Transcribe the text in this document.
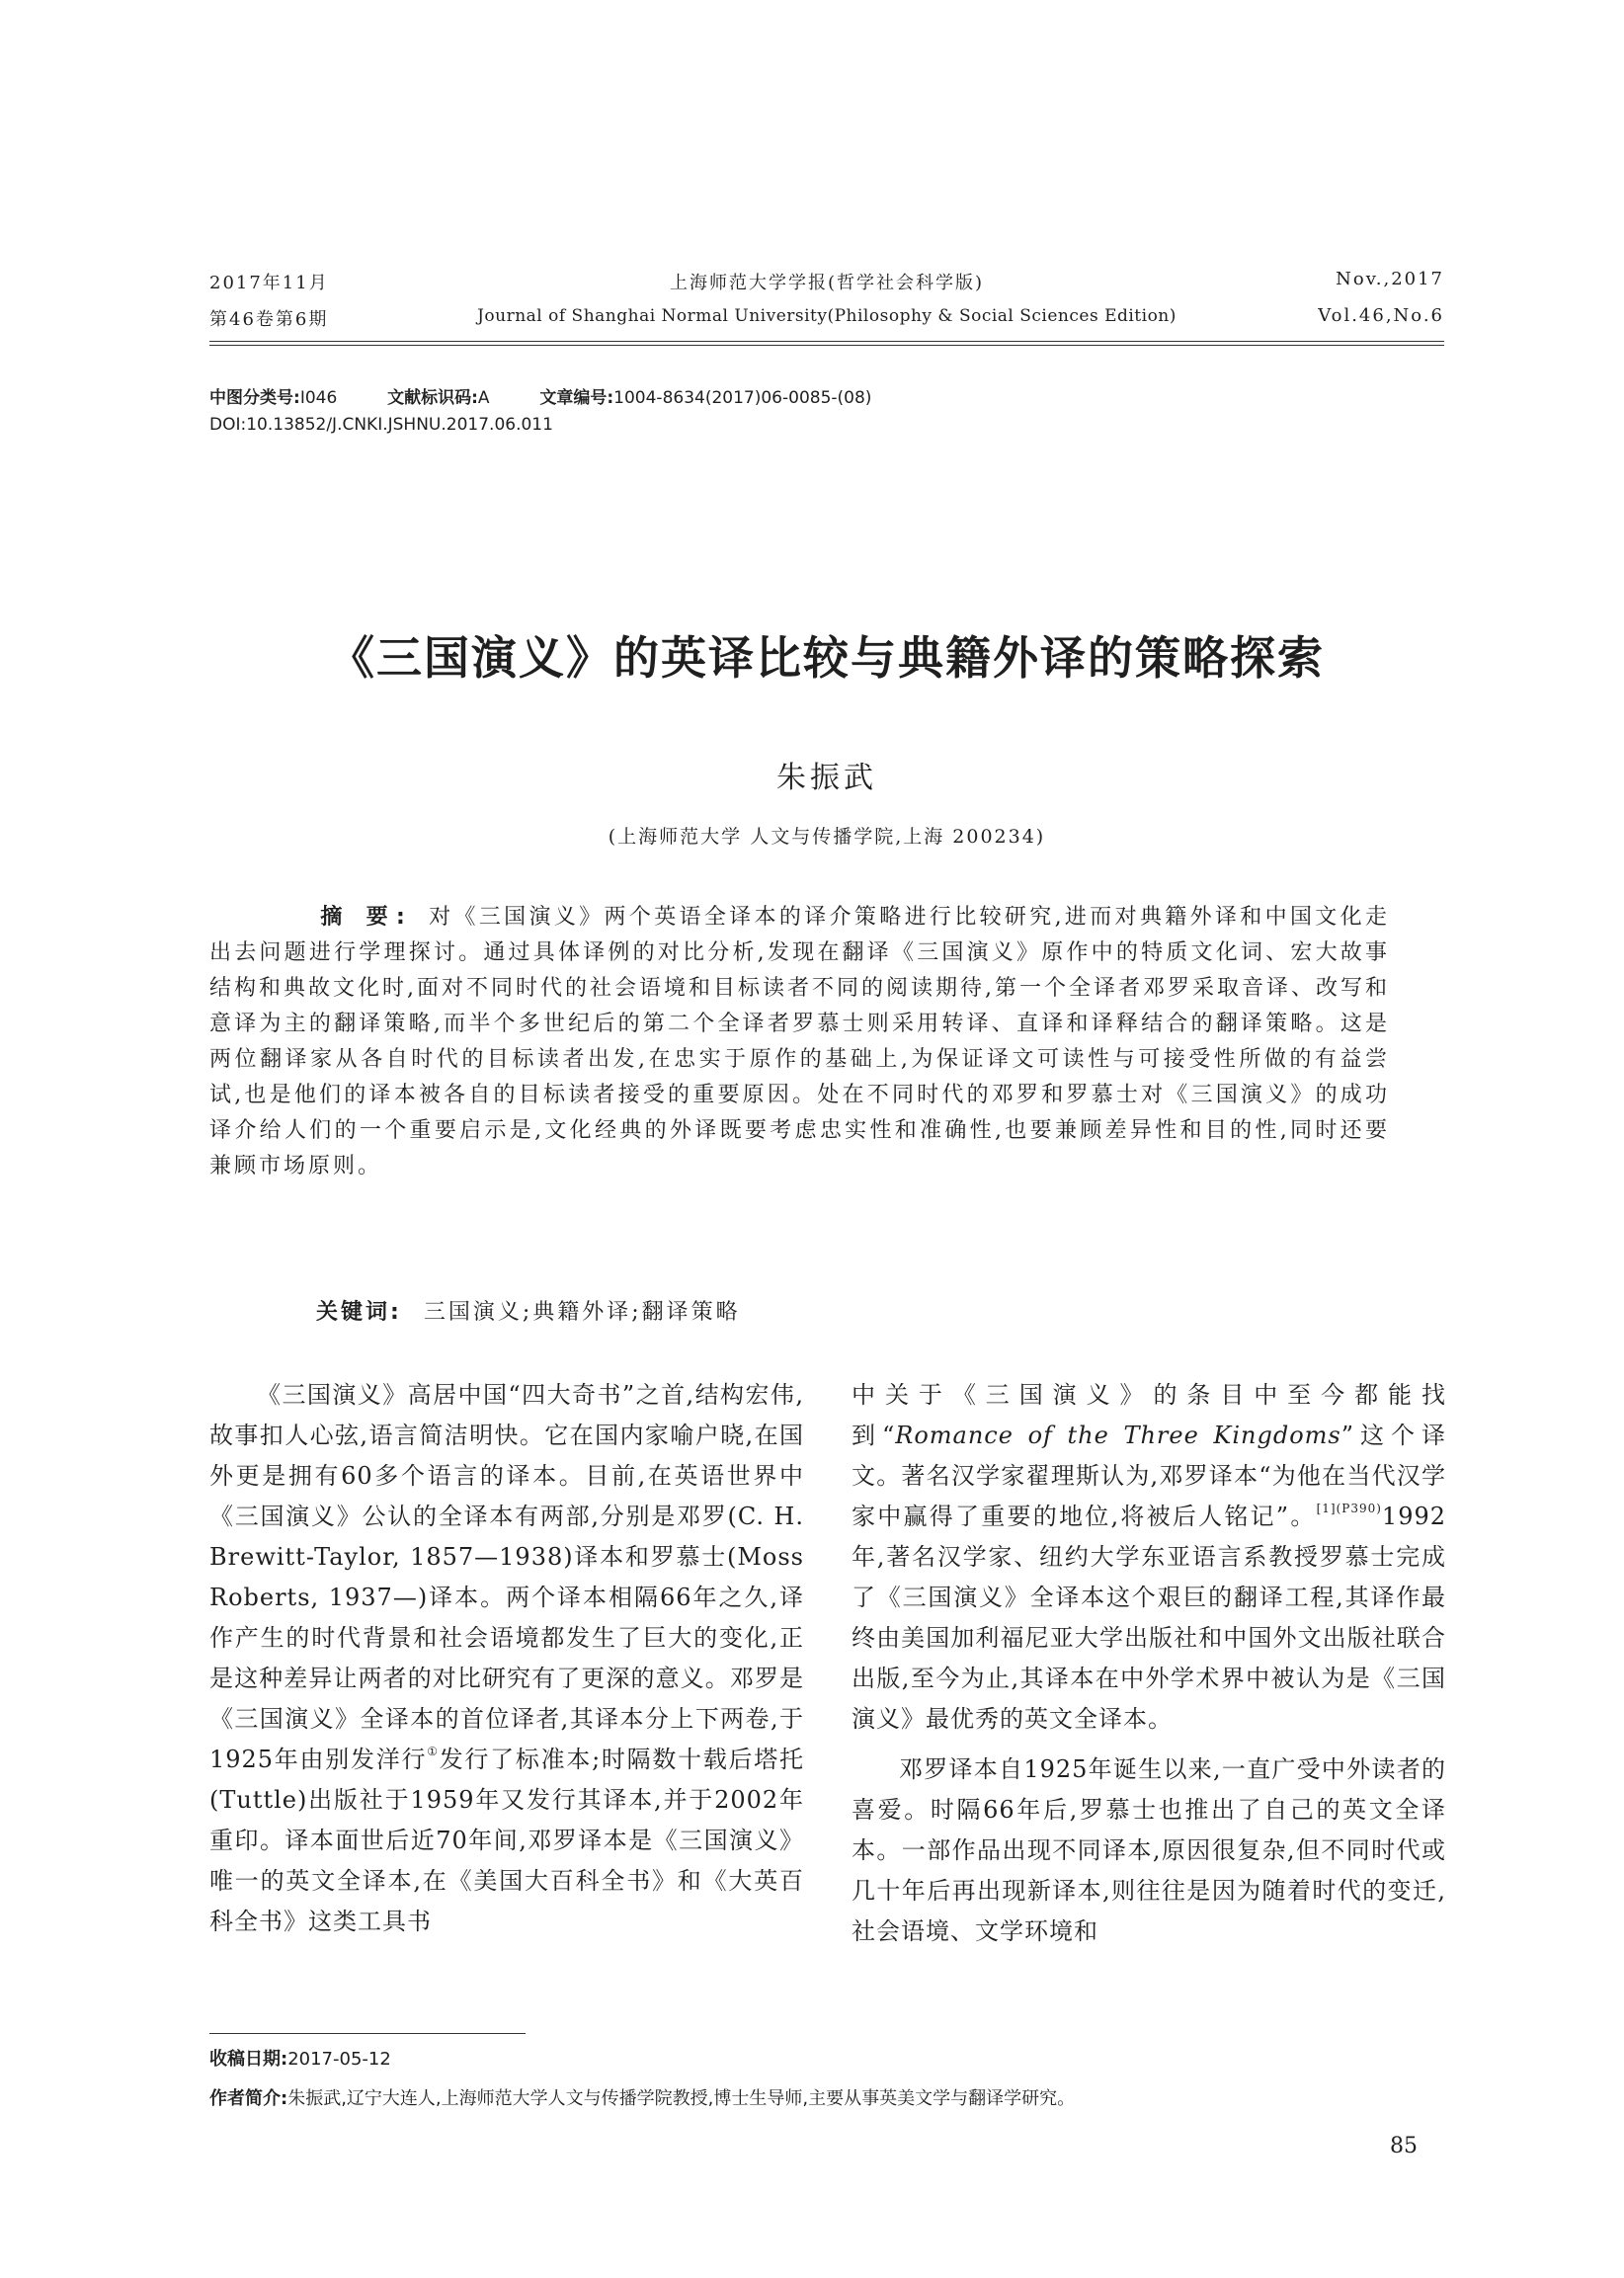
2017年11月
第46卷第6期
上海师范大学学报(哲学社会科学版)
Journal of Shanghai Normal University(Philosophy & Social Sciences Edition)
Nov.,2017
Vol.46,No.6
中图分类号:I046	文献标识码:A	文章编号:1004-8634(2017)06-0085-(08)
DOI:10.13852/J.CNKI.JSHNU.2017.06.011
《三国演义》的英译比较与典籍外译的策略探索
朱振武
(上海师范大学 人文与传播学院,上海 200234)
摘 要: 对《三国演义》两个英语全译本的译介策略进行比较研究,进而对典籍外译和中国文化走出去问题进行学理探讨。通过具体译例的对比分析,发现在翻译《三国演义》原作中的特质文化词、宏大故事结构和典故文化时,面对不同时代的社会语境和目标读者不同的阅读期待,第一个全译者邓罗采取音译、改写和意译为主的翻译策略,而半个多世纪后的第二个全译者罗慕士则采用转译、直译和译释结合的翻译策略。这是两位翻译家从各自时代的目标读者出发,在忠实于原作的基础上,为保证译文可读性与可接受性所做的有益尝试,也是他们的译本被各自的目标读者接受的重要原因。处在不同时代的邓罗和罗慕士对《三国演义》的成功译介给人们的一个重要启示是,文化经典的外译既要考虑忠实性和准确性,也要兼顾差异性和目的性,同时还要兼顾市场原则。
关键词: 三国演义;典籍外译;翻译策略

《三国演义》高居中国“四大奇书”之首,结构宏伟,故事扣人心弦,语言简洁明快。它在国内家喻户晓,在国外更是拥有60多个语言的译本。目前,在英语世界中《三国演义》公认的全译本有两部,分别是邓罗(C. H. Brewitt-Taylor, 1857—1938)译本和罗慕士(Moss Roberts, 1937—)译本。两个译本相隔66年之久,译作产生的时代背景和社会语境都发生了巨大的变化,正是这种差异让两者的对比研究有了更深的意义。邓罗是《三国演义》全译本的首位译者,其译本分上下两卷,于1925年由别发洋行①发行了标准本;时隔数十载后塔托(Tuttle)出版社于1959年又发行其译本,并于2002年重印。译本面世后近70年间,邓罗译本是《三国演义》唯一的英文全译本,在《美国大百科全书》和《大英百科全书》这类工具书

中关于《三国演义》的条目中至今都能找到“Romance of the Three Kingdoms”这个译文。著名汉学家翟理斯认为,邓罗译本“为他在当代汉学家中赢得了重要的地位,将被后人铭记”。$^{[1](P390)}$1992年,著名汉学家、纽约大学东亚语言系教授罗慕士完成了《三国演义》全译本这个艰巨的翻译工程,其译作最终由美国加利福尼亚大学出版社和中国外文出版社联合出版,至今为止,其译本在中外学术界中被认为是《三国演义》最优秀的英文全译本。

邓罗译本自1925年诞生以来,一直广受中外读者的喜爱。时隔66年后,罗慕士也推出了自己的英文全译本。一部作品出现不同译本,原因很复杂,但不同时代或几十年后再出现新译本,则往往是因为随着时代的变迁,社会语境、文学环境和

收稿日期:2017-05-12
作者简介:朱振武,辽宁大连人,上海师范大学人文与传播学院教授,博士生导师,主要从事英美文学与翻译学研究。
85
